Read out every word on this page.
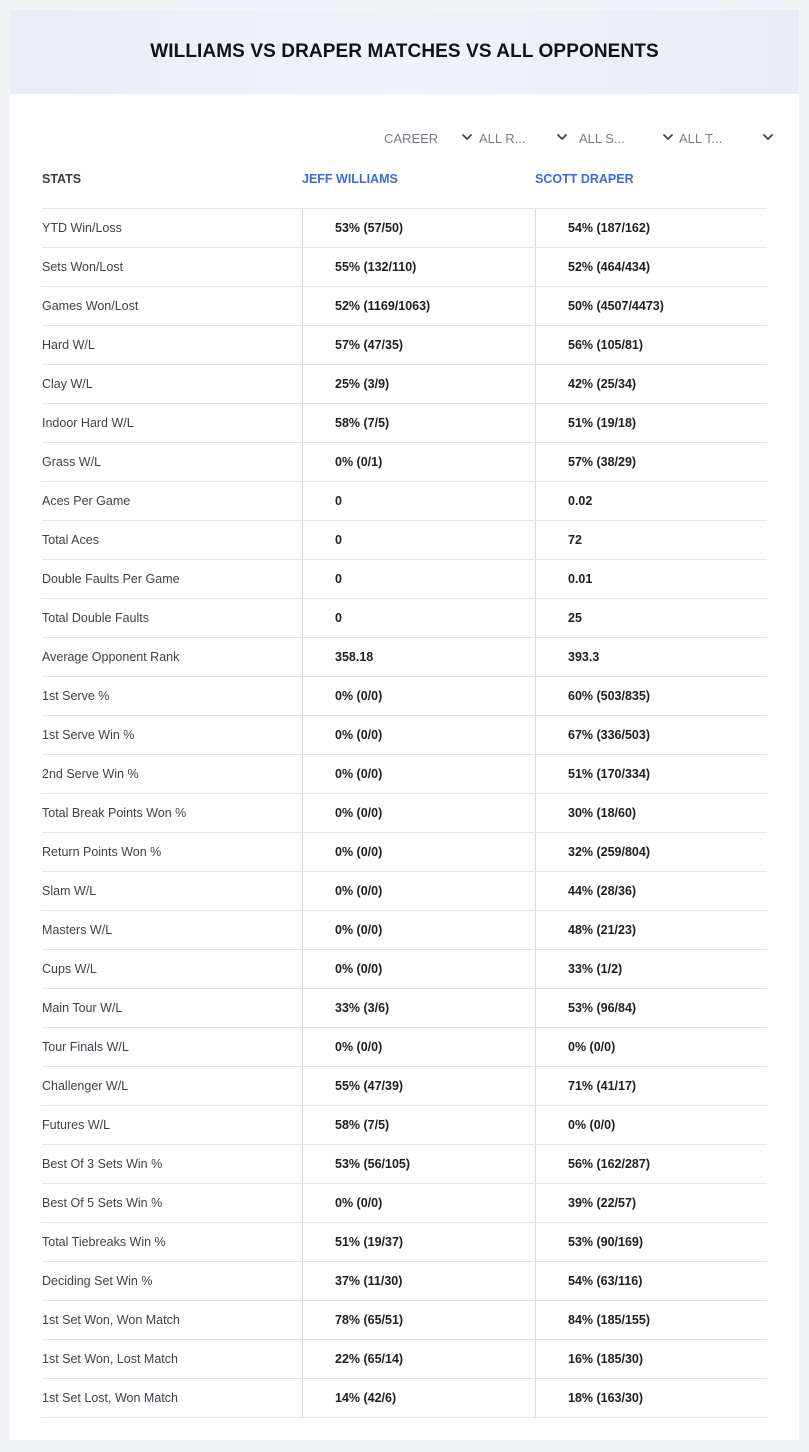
WILLIAMS VS DRAPER MATCHES VS ALL OPPONENTS
CAREER	ALL R...	ALL S...	ALL T...
STATS	JEFF WILLIAMS	SCOTT DRAPER
YTD Win/Loss	53% (57/50)	54% (187/162)
Sets Won/Lost	55% (132/110)	52% (464/434)
Games Won/Lost	52% (1169/1063)	50% (4507/4473)
Hard W/L	57% (47/35)	56% (105/81)
Clay W/L	25% (3/9)	42% (25/34)
Indoor Hard W/L	58% (7/5)	51% (19/18)
Grass W/L	0% (0/1)	57% (38/29)
Aces Per Game	0	0.02
Total Aces	0	72
Double Faults Per Game	0	0.01
Total Double Faults	0	25
Average Opponent Rank	358.18	393.3
1st Serve %	0% (0/0)	60% (503/835)
1st Serve Win %	0% (0/0)	67% (336/503)
2nd Serve Win %	0% (0/0)	51% (170/334)
Total Break Points Won %	0% (0/0)	30% (18/60)
Return Points Won %	0% (0/0)	32% (259/804)
Slam W/L	0% (0/0)	44% (28/36)
Masters W/L	0% (0/0)	48% (21/23)
Cups W/L	0% (0/0)	33% (1/2)
Main Tour W/L	33% (3/6)	53% (96/84)
Tour Finals W/L	0% (0/0)	0% (0/0)
Challenger W/L	55% (47/39)	71% (41/17)
Futures W/L	58% (7/5)	0% (0/0)
Best Of 3 Sets Win %	53% (56/105)	56% (162/287)
Best Of 5 Sets Win %	0% (0/0)	39% (22/57)
Total Tiebreaks Win %	51% (19/37)	53% (90/169)
Deciding Set Win %	37% (11/30)	54% (63/116)
1st Set Won, Won Match	78% (65/51)	84% (185/155)
1st Set Won, Lost Match	22% (65/14)	16% (185/30)
1st Set Lost, Won Match	14% (42/6)	18% (163/30)
